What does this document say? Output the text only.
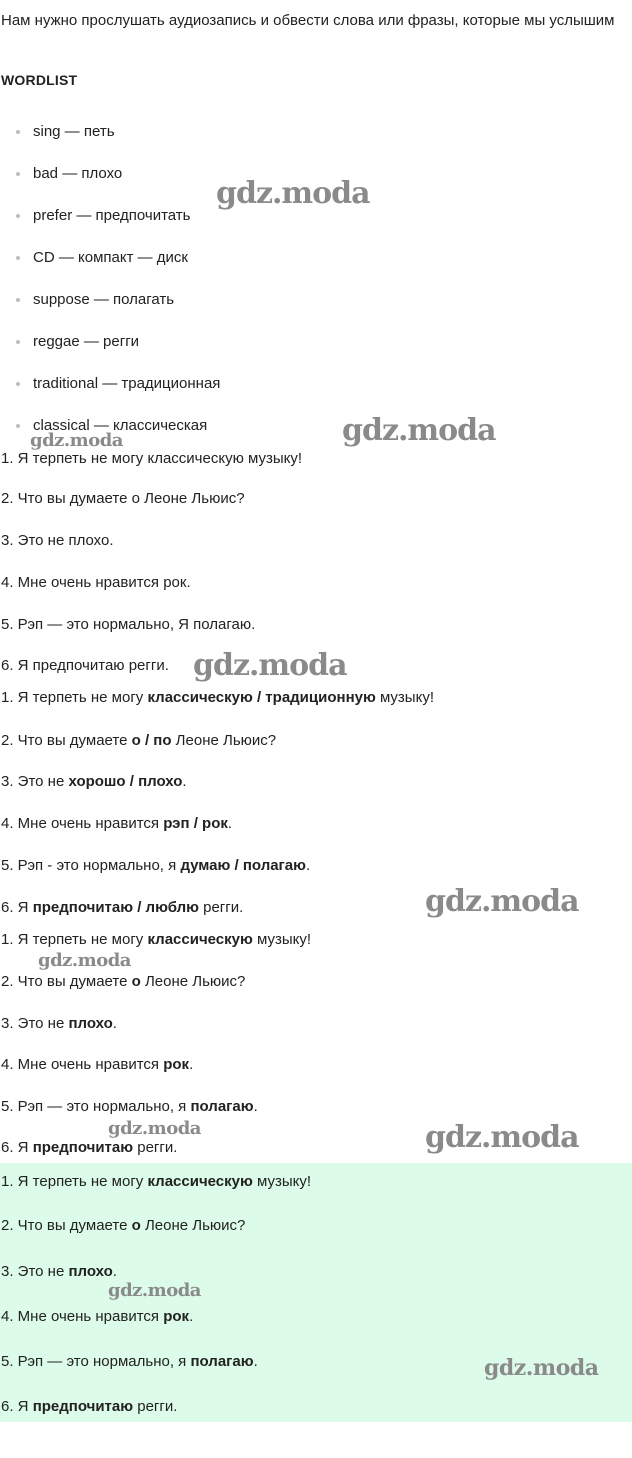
Нам нужно прослушать аудиозапись и обвести слова или фразы, которые мы услышим
WORDLIST
sing — петь
bad — плохо
prefer — предпочитать
CD — компакт — диск
suppose — полагать
reggae — регги
traditional — традиционная
classical — классическая
1. Я терпеть не могу классическую музыку!
2. Что вы думаете о Леоне Льюис?
3. Это не плохо.
4. Мне очень нравится рок.
5. Рэп — это нормально, Я полагаю.
6. Я предпочитаю регги.
1. Я терпеть не могу классическую / традиционную музыку!
2. Что вы думаете о / по Леоне Льюис?
3. Это не хорошо / плохо.
4. Мне очень нравится рэп / рок.
5. Рэп - это нормально, я думаю / полагаю.
6. Я предпочитаю / люблю регги.
1. Я терпеть не могу классическую музыку!
2. Что вы думаете о Леоне Льюис?
3. Это не плохо.
4. Мне очень нравится рок.
5. Рэп — это нормально, я полагаю.
6. Я предпочитаю регги.
1. Я терпеть не могу классическую музыку!
2. Что вы думаете о Леоне Льюис?
3. Это не плохо.
4. Мне очень нравится рок.
5. Рэп — это нормально, я полагаю.
6. Я предпочитаю регги.
gdz.moda
gdz.moda	gdz.moda
gdz.moda
gdz.moda
gdz.moda
gdz.moda	gdz.moda
gdz.moda
gdz.moda
